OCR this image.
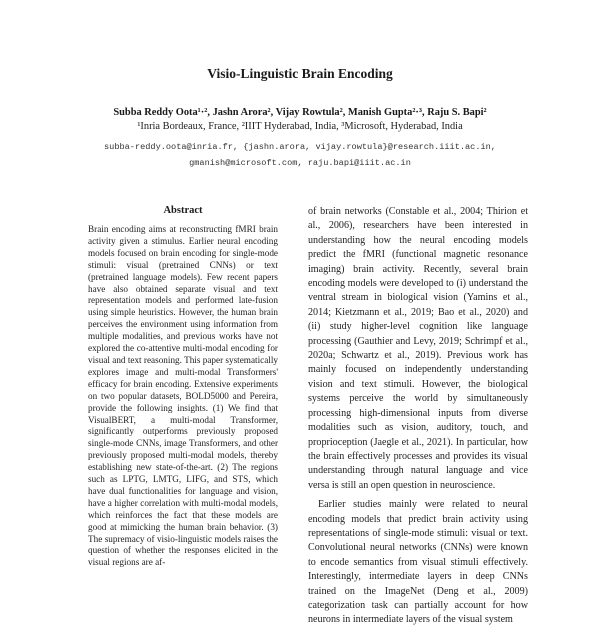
Visio-Linguistic Brain Encoding
Subba Reddy Oota¹·², Jashn Arora², Vijay Rowtula², Manish Gupta²·³, Raju S. Bapi²
¹Inria Bordeaux, France, ²IIIT Hyderabad, India, ³Microsoft, Hyderabad, India
subba-reddy.oota@inria.fr, {jashn.arora, vijay.rowtula}@research.iiit.ac.in,
gmanish@microsoft.com, raju.bapi@iiit.ac.in
Abstract

Brain encoding aims at reconstructing fMRI brain activity given a stimulus. Earlier neural encoding models focused on brain encoding for single-mode stimuli: visual (pretrained CNNs) or text (pretrained language models). Few recent papers have also obtained separate visual and text representation models and performed late-fusion using simple heuristics. However, the human brain perceives the environment using information from multiple modalities, and previous works have not explored the co-attentive multi-modal encoding for visual and text reasoning. This paper systematically explores image and multi-modal Transformers' efficacy for brain encoding. Extensive experiments on two popular datasets, BOLD5000 and Pereira, provide the following insights. (1) We find that VisualBERT, a multi-modal Transformer, significantly outperforms previously proposed single-mode CNNs, image Transformers, and other previously proposed multi-modal models, thereby establishing new state-of-the-art. (2) The regions such as LPTG, LMTG, LIFG, and STS, which have dual functionalities for language and vision, have a higher correlation with multi-modal models, which reinforces the fact that these models are good at mimicking the human brain behavior. (3) The supremacy of visio-linguistic models raises the question of whether the responses elicited in the visual regions are af-

of brain networks (Constable et al., 2004; Thirion et al., 2006), researchers have been interested in understanding how the neural encoding models predict the fMRI (functional magnetic resonance imaging) brain activity. Recently, several brain encoding models were developed to (i) understand the ventral stream in biological vision (Yamins et al., 2014; Kietzmann et al., 2019; Bao et al., 2020) and (ii) study higher-level cognition like language processing (Gauthier and Levy, 2019; Schrimpf et al., 2020a; Schwartz et al., 2019). Previous work has mainly focused on independently understanding vision and text stimuli. However, the biological systems perceive the world by simultaneously processing high-dimensional inputs from diverse modalities such as vision, auditory, touch, and proprioception (Jaegle et al., 2021). In particular, how the brain effectively processes and provides its visual understanding through natural language and vice versa is still an open question in neuroscience.

Earlier studies mainly were related to neural encoding models that predict brain activity using representations of single-mode stimuli: visual or text. Convolutional neural networks (CNNs) were known to encode semantics from visual stimuli effectively. Interestingly, intermediate layers in deep CNNs trained on the ImageNet (Deng et al., 2009) categorization task can partially account for how neurons in intermediate layers of the visual system
